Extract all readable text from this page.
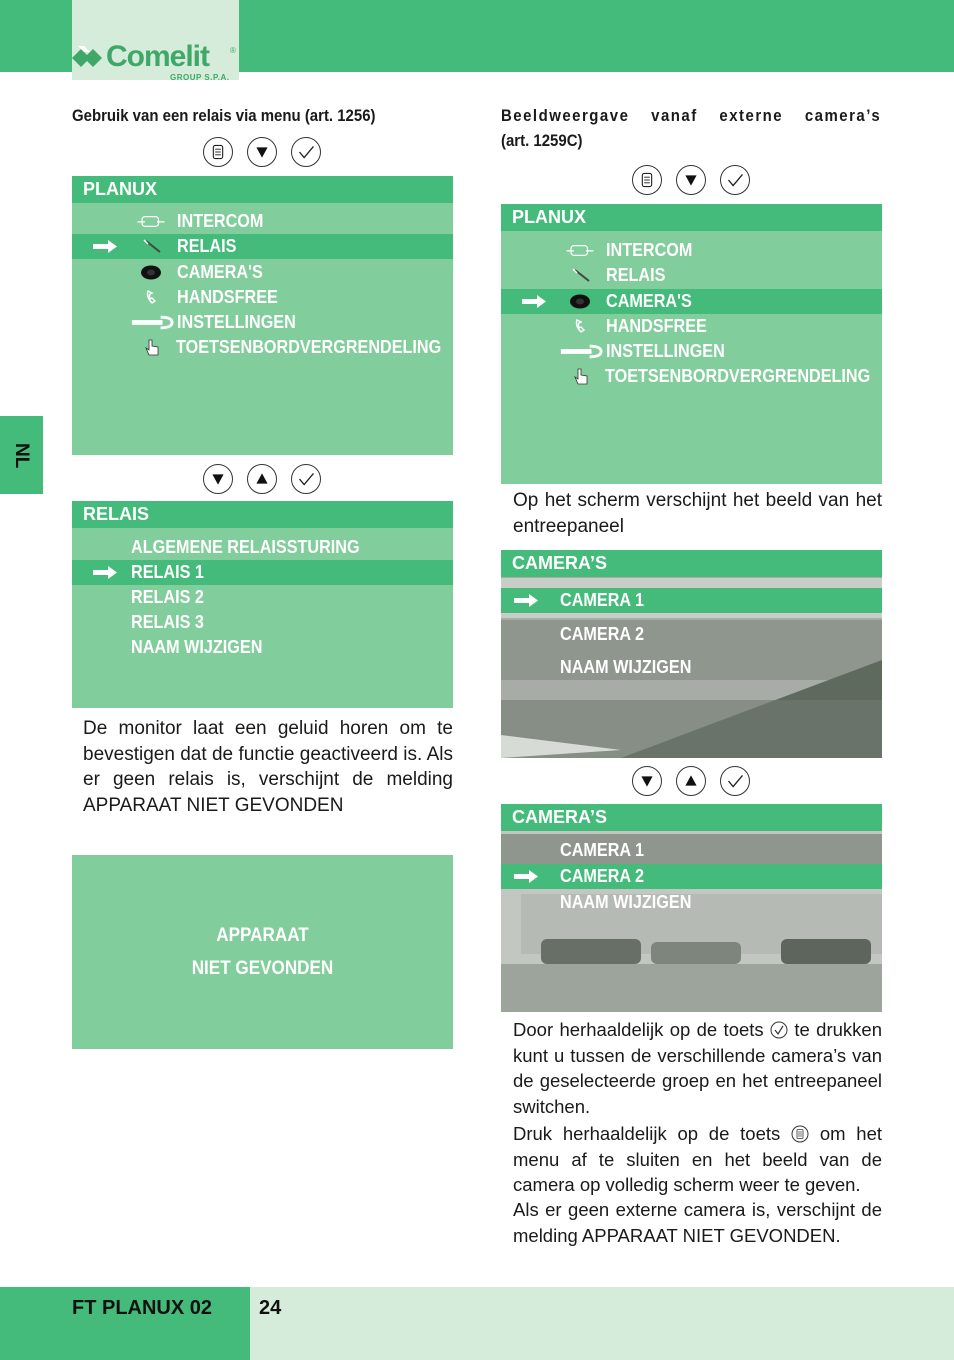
Comelit	®
GROUP S.P.A.
NL
Gebruik van een relais via menu (art. 1256)
PLANUX
INTERCOM
RELAIS
CAMERA'S
HANDSFREE
INSTELLINGEN
TOETSENBORDVERGRENDELING
RELAIS
ALGEMENE RELAISSTURING
RELAIS 1
RELAIS 2
RELAIS 3
NAAM WIJZIGEN
De monitor laat een geluid horen om te bevestigen dat de functie geactiveerd is. Als er geen relais is, verschijnt de melding APPARAAT NIET GEVONDEN
APPARAAT
NIET GEVONDEN
Beeldweergave vanaf externe camera’s
(art. 1259C)
PLANUX
INTERCOM
RELAIS
CAMERA'S
HANDSFREE
INSTELLINGEN
TOETSENBORDVERGRENDELING
Op het scherm verschijnt het beeld van het entreepaneel
CAMERA’S
CAMERA 1
CAMERA 2
NAAM WIJZIGEN
CAMERA’S
CAMERA 1
CAMERA 2
NAAM WIJZIGEN
Door herhaaldelijk op de toets te drukken kunt u tussen de verschillende camera’s van de geselecteerde groep en het entreepaneel switchen.
Druk herhaaldelijk op de toets om het menu af te sluiten en het beeld van de camera op volledig scherm weer te geven.
Als er geen externe camera is, verschijnt de melding APPARAAT NIET GEVONDEN.
FT PLANUX 02 24
